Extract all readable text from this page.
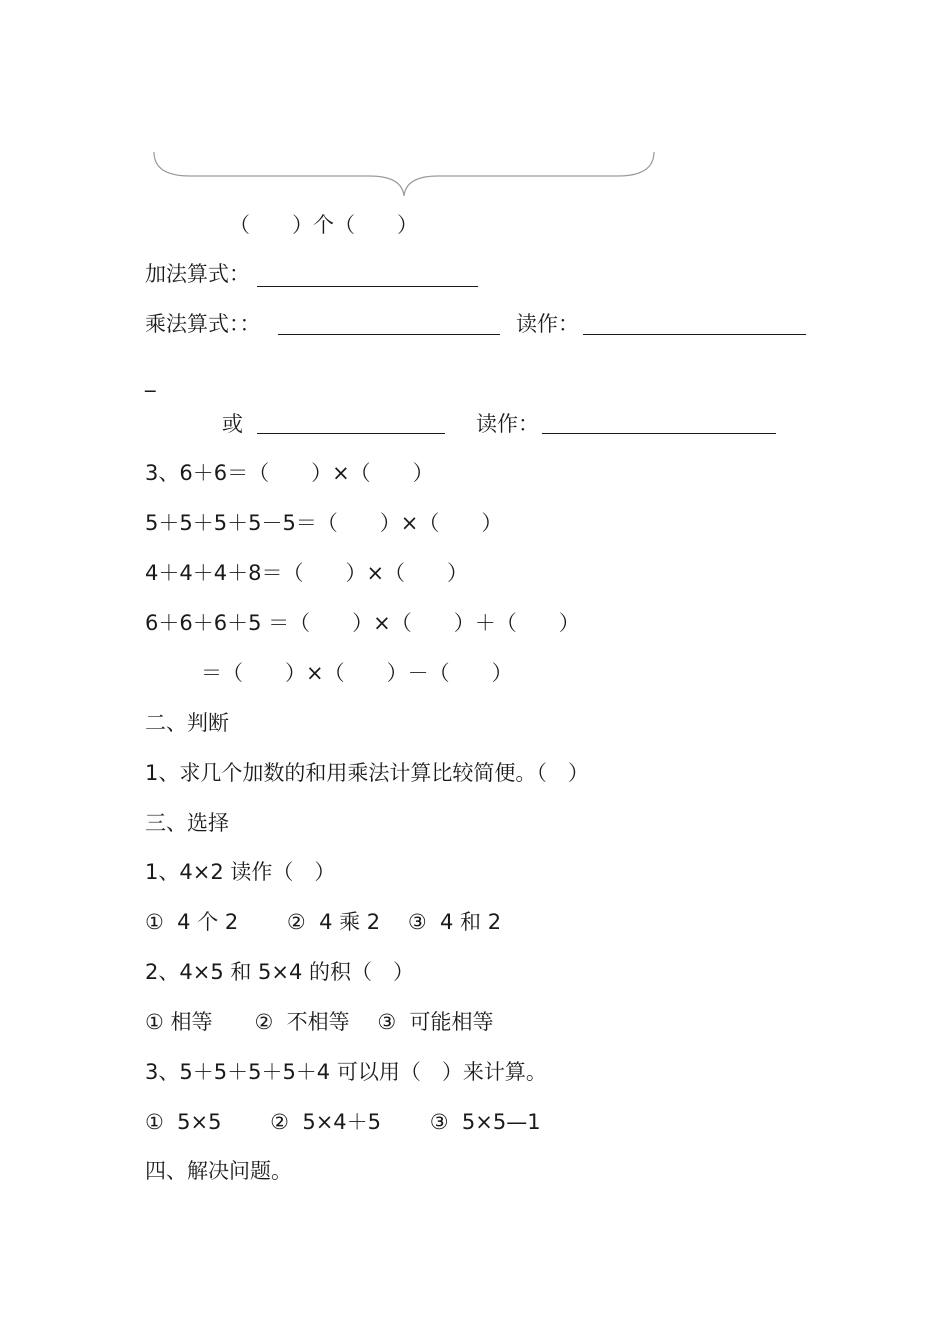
（　　）个（　　）
加法算式：
乘法算式：：	读作：
_
或	读作：
3、6＋6＝（　　）×（　　）
5＋5＋5＋5－5＝（　　）×（　　）
4＋4＋4＋8＝（　　）×（　　）
6＋6＋6＋5 ＝（　　）×（　　）＋（　　）
＝（　　）×（　　）－（　　）
二、判断
1、求几个加数的和用乘法计算比较简便。（　）
三、选择
1、4×2 读作（　）
①  4 个 2　　 ②  4 乘 2　 ③  4 和 2
2、4×5 和 5×4 的积（　）
① 相等　　②  不相等　 ③  可能相等
3、5＋5＋5＋5＋4 可以用（　）来计算。
①  5×5　　 ②  5×4＋5　　 ③  5×5—1
四、解决问题。
